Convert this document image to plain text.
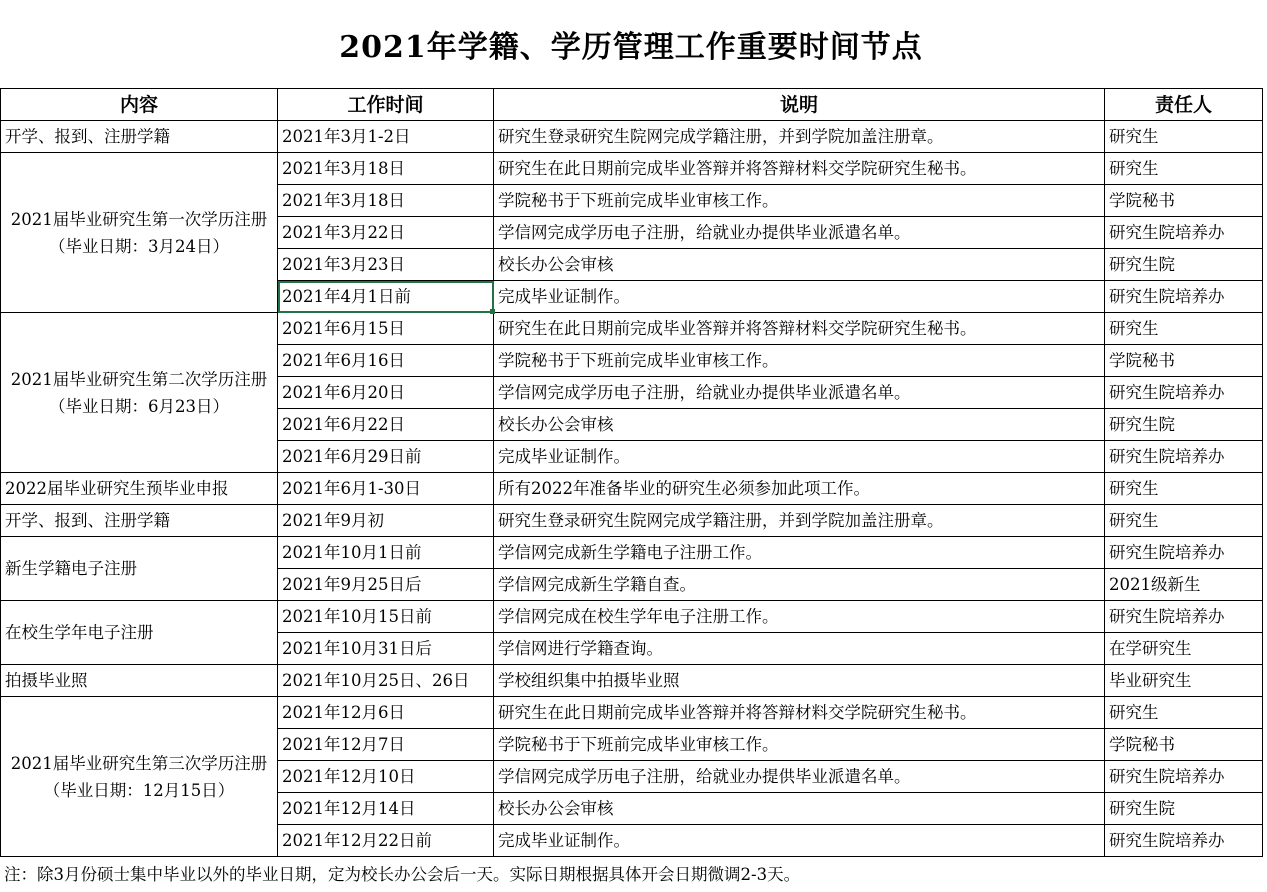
2021年学籍、学历管理工作重要时间节点
内容	工作时间	说明	责任人
开学、报到、注册学籍	2021年3月1-2日	研究生登录研究生院网完成学籍注册，并到学院加盖注册章。	研究生
2021届毕业研究生第一次学历注册（毕业日期：3月24日）	2021年3月18日	研究生在此日期前完成毕业答辩并将答辩材料交学院研究生秘书。	研究生
	2021年3月18日	学院秘书于下班前完成毕业审核工作。	学院秘书
	2021年3月22日	学信网完成学历电子注册，给就业办提供毕业派遣名单。	研究生院培养办
	2021年3月23日	校长办公会审核	研究生院
	2021年4月1日前	完成毕业证制作。	研究生院培养办
2021届毕业研究生第二次学历注册（毕业日期：6月23日）	2021年6月15日	研究生在此日期前完成毕业答辩并将答辩材料交学院研究生秘书。	研究生
	2021年6月16日	学院秘书于下班前完成毕业审核工作。	学院秘书
	2021年6月20日	学信网完成学历电子注册，给就业办提供毕业派遣名单。	研究生院培养办
	2021年6月22日	校长办公会审核	研究生院
	2021年6月29日前	完成毕业证制作。	研究生院培养办
2022届毕业研究生预毕业申报	2021年6月1-30日	所有2022年准备毕业的研究生必须参加此项工作。	研究生
开学、报到、注册学籍	2021年9月初	研究生登录研究生院网完成学籍注册，并到学院加盖注册章。	研究生
新生学籍电子注册	2021年10月1日前	学信网完成新生学籍电子注册工作。	研究生院培养办
	2021年9月25日后	学信网完成新生学籍自查。	2021级新生
在校生学年电子注册	2021年10月15日前	学信网完成在校生学年电子注册工作。	研究生院培养办
	2021年10月31日后	学信网进行学籍查询。	在学研究生
拍摄毕业照	2021年10月25日、26日	学校组织集中拍摄毕业照	毕业研究生
2021届毕业研究生第三次学历注册（毕业日期：12月15日）	2021年12月6日	研究生在此日期前完成毕业答辩并将答辩材料交学院研究生秘书。	研究生
	2021年12月7日	学院秘书于下班前完成毕业审核工作。	学院秘书
	2021年12月10日	学信网完成学历电子注册，给就业办提供毕业派遣名单。	研究生院培养办
	2021年12月14日	校长办公会审核	研究生院
	2021年12月22日前	完成毕业证制作。	研究生院培养办
注：除3月份硕士集中毕业以外的毕业日期，定为校长办公会后一天。实际日期根据具体开会日期微调2-3天。
